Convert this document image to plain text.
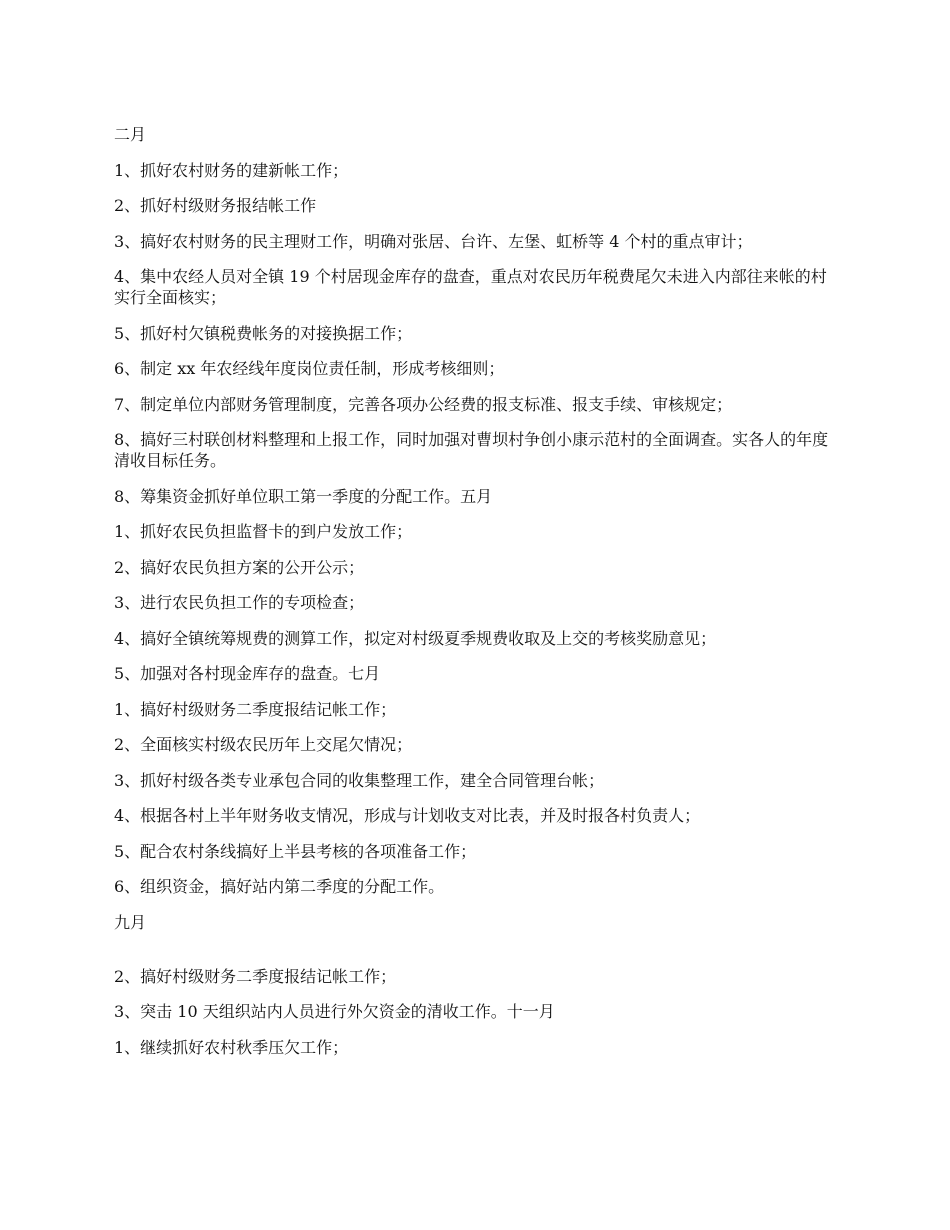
二月

1、抓好农村财务的建新帐工作；

2、抓好村级财务报结帐工作

3、搞好农村财务的民主理财工作，明确对张居、台许、左堡、虹桥等 4 个村的重点审计；

4、集中农经人员对全镇 19 个村居现金库存的盘查，重点对农民历年税费尾欠未进入内部往来帐的村实行全面核实；

5、抓好村欠镇税费帐务的对接换据工作；

6、制定 xx 年农经线年度岗位责任制，形成考核细则；

7、制定单位内部财务管理制度，完善各项办公经费的报支标准、报支手续、审核规定；

8、搞好三村联创材料整理和上报工作，同时加强对曹坝村争创小康示范村的全面调查。实各人的年度清收目标任务。

8、筹集资金抓好单位职工第一季度的分配工作。五月

1、抓好农民负担监督卡的到户发放工作；

2、搞好农民负担方案的公开公示；

3、进行农民负担工作的专项检查；

4、搞好全镇统筹规费的测算工作，拟定对村级夏季规费收取及上交的考核奖励意见；

5、加强对各村现金库存的盘查。七月

1、搞好村级财务二季度报结记帐工作；

2、全面核实村级农民历年上交尾欠情况；

3、抓好村级各类专业承包合同的收集整理工作，建全合同管理台帐；

4、根据各村上半年财务收支情况，形成与计划收支对比表，并及时报各村负责人；

5、配合农村条线搞好上半县考核的各项准备工作；

6、组织资金，搞好站内第二季度的分配工作。

九月

2、搞好村级财务二季度报结记帐工作；

3、突击 10 天组织站内人员进行外欠资金的清收工作。十一月

1、继续抓好农村秋季压欠工作；
